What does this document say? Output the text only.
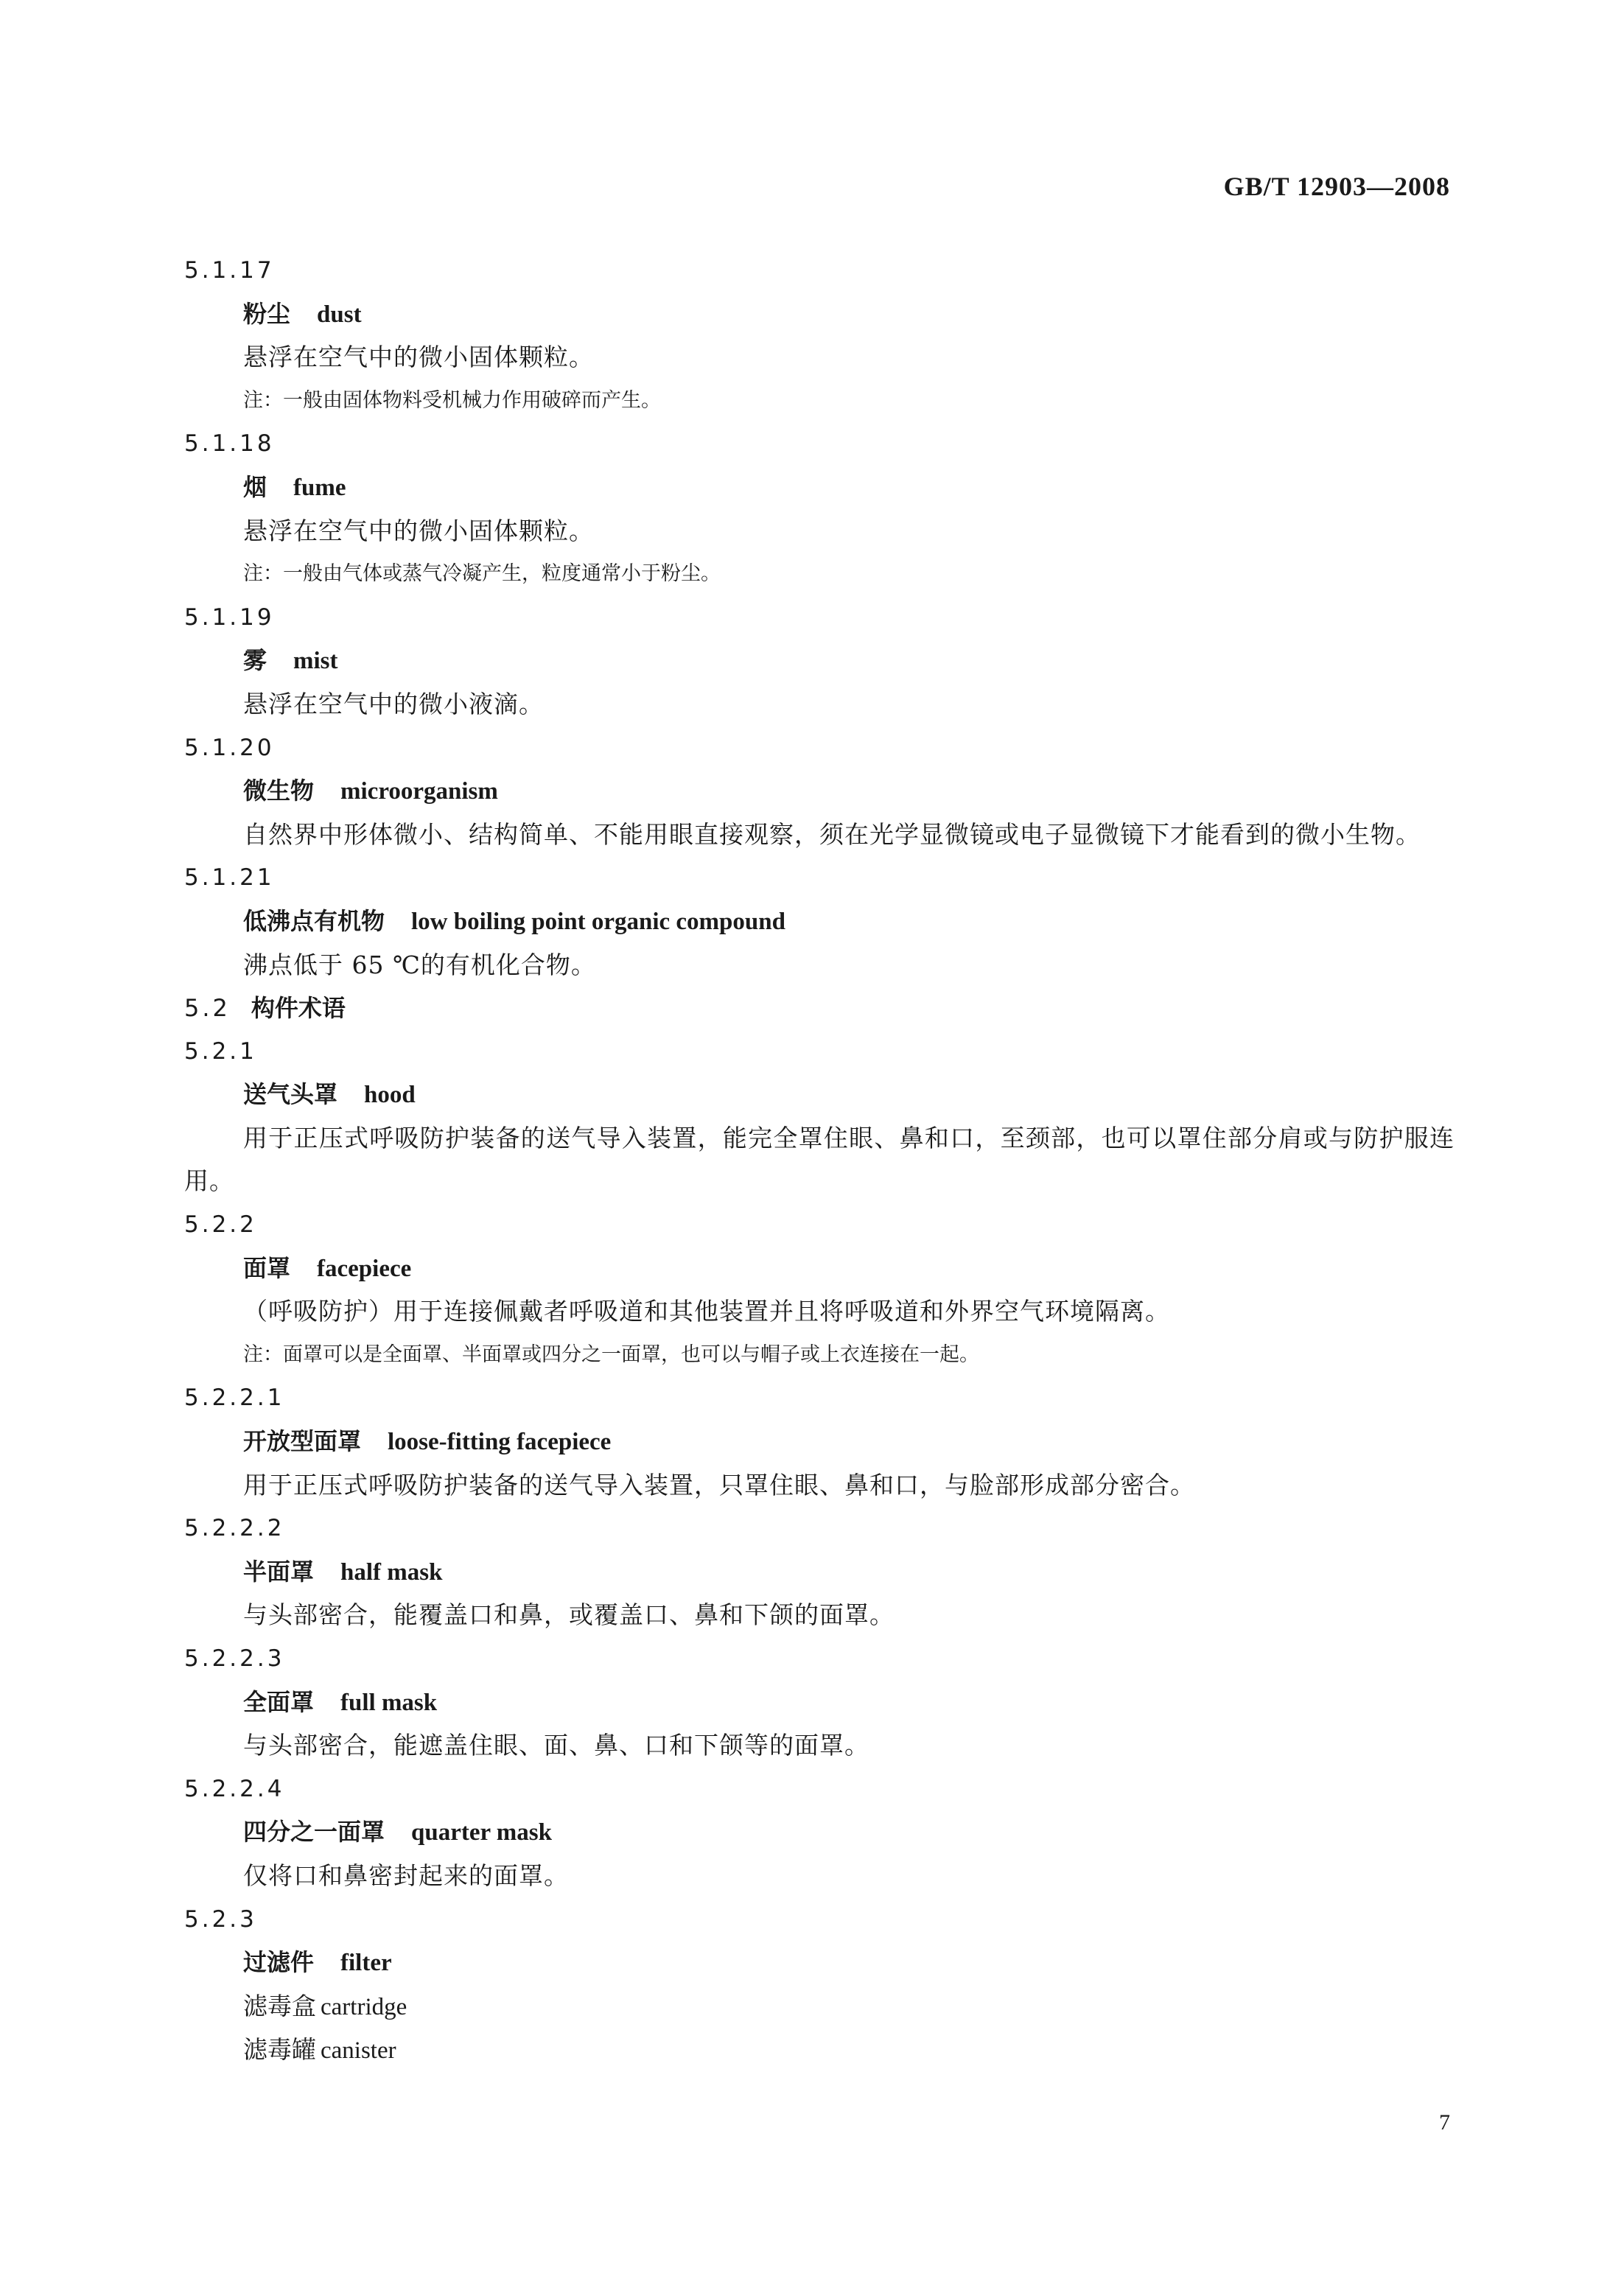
GB/T 12903—2008
5.1.17
粉尘 dust
悬浮在空气中的微小固体颗粒。
注：一般由固体物料受机械力作用破碎而产生。
5.1.18
烟 fume
悬浮在空气中的微小固体颗粒。
注：一般由气体或蒸气冷凝产生，粒度通常小于粉尘。
5.1.19
雾 mist
悬浮在空气中的微小液滴。
5.1.20
微生物 microorganism
自然界中形体微小、结构简单、不能用眼直接观察，须在光学显微镜或电子显微镜下才能看到的微小生物。
5.1.21
低沸点有机物 low boiling point organic compound
沸点低于 65 ℃的有机化合物。
5.2 构件术语
5.2.1
送气头罩 hood
用于正压式呼吸防护装备的送气导入装置，能完全罩住眼、鼻和口，至颈部，也可以罩住部分肩或与防护服连用。
5.2.2
面罩 facepiece
（呼吸防护）用于连接佩戴者呼吸道和其他装置并且将呼吸道和外界空气环境隔离。
注：面罩可以是全面罩、半面罩或四分之一面罩，也可以与帽子或上衣连接在一起。
5.2.2.1
开放型面罩 loose-fitting facepiece
用于正压式呼吸防护装备的送气导入装置，只罩住眼、鼻和口，与脸部形成部分密合。
5.2.2.2
半面罩 half mask
与头部密合，能覆盖口和鼻，或覆盖口、鼻和下颌的面罩。
5.2.2.3
全面罩 full mask
与头部密合，能遮盖住眼、面、鼻、口和下颌等的面罩。
5.2.2.4
四分之一面罩 quarter mask
仅将口和鼻密封起来的面罩。
5.2.3
过滤件 filter
滤毒盒 cartridge
滤毒罐 canister
7
